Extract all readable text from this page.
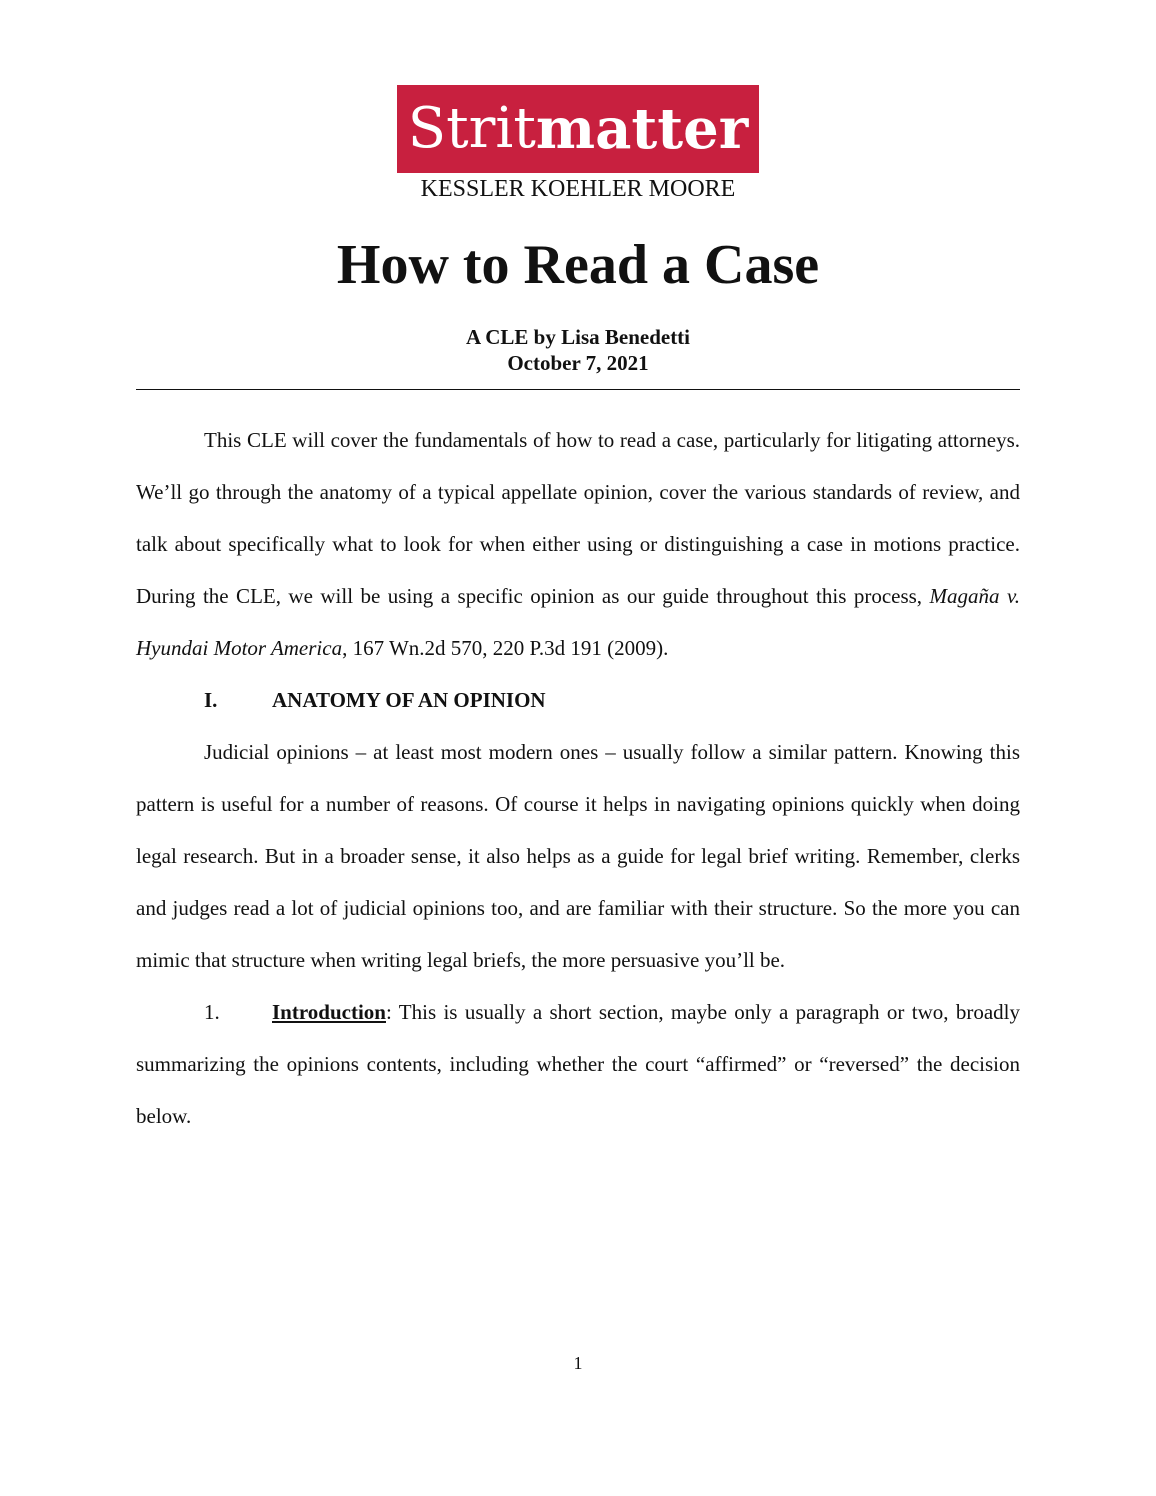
Strit matter
KESSLER KOEHLER MOORE
How to Read a Case
A CLE by Lisa Benedetti
October 7, 2021

This CLE will cover the fundamentals of how to read a case, particularly for litigating attorneys. We’ll go through the anatomy of a typical appellate opinion, cover the various standards of review, and talk about specifically what to look for when either using or distinguishing a case in motions practice. During the CLE, we will be using a specific opinion as our guide throughout this process, Magaña v. Hyundai Motor America, 167 Wn.2d 570, 220 P.3d 191 (2009).

I.	ANATOMY OF AN OPINION

Judicial opinions – at least most modern ones – usually follow a similar pattern. Knowing this pattern is useful for a number of reasons. Of course it helps in navigating opinions quickly when doing legal research. But in a broader sense, it also helps as a guide for legal brief writing. Remember, clerks and judges read a lot of judicial opinions too, and are familiar with their structure. So the more you can mimic that structure when writing legal briefs, the more persuasive you’ll be.

1. Introduction: This is usually a short section, maybe only a paragraph or two, broadly summarizing the opinions contents, including whether the court “affirmed” or “reversed” the decision below.

1
